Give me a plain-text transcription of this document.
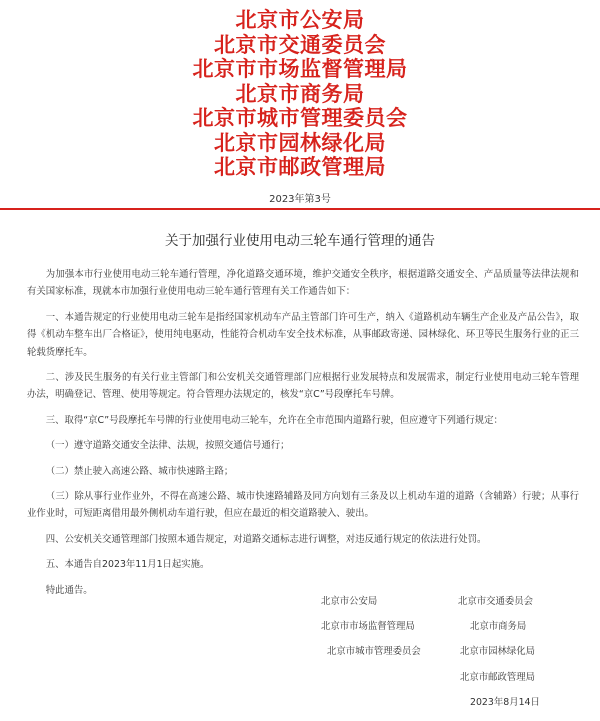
北京市公安局
北京市交通委员会
北京市市场监督管理局
北京市商务局
北京市城市管理委员会
北京市园林绿化局
北京市邮政管理局
2023年第3号
关于加强行业使用电动三轮车通行管理的通告

为加强本市行业使用电动三轮车通行管理，净化道路交通环境，维护交通安全秩序，根据道路交通安全、产品质量等法律法规和有关国家标准，现就本市加强行业使用电动三轮车通行管理有关工作通告如下：

一、本通告规定的行业使用电动三轮车是指经国家机动车产品主管部门许可生产，纳入《道路机动车辆生产企业及产品公告》，取得《机动车整车出厂合格证》，使用纯电驱动，性能符合机动车安全技术标准，从事邮政寄递、园林绿化、环卫等民生服务行业的正三轮载货摩托车。

二、涉及民生服务的有关行业主管部门和公安机关交通管理部门应根据行业发展特点和发展需求，制定行业使用电动三轮车管理办法，明确登记、管理、使用等规定。符合管理办法规定的，核发“京C”号段摩托车号牌。

三、取得“京C”号段摩托车号牌的行业使用电动三轮车，允许在全市范围内道路行驶，但应遵守下列通行规定：

（一）遵守道路交通安全法律、法规，按照交通信号通行；

（二）禁止驶入高速公路、城市快速路主路；

（三）除从事行业作业外，不得在高速公路、城市快速路辅路及同方向划有三条及以上机动车道的道路（含辅路）行驶；从事行业作业时，可短距离借用最外侧机动车道行驶，但应在最近的相交道路驶入、驶出。

四、公安机关交通管理部门按照本通告规定，对道路交通标志进行调整，对违反通行规定的依法进行处罚。

五、本通告自2023年11月1日起实施。

特此通告。

北京市公安局
北京市市场监督管理局
北京市城市管理委员会
北京市交通委员会
北京市商务局
北京市园林绿化局
北京市邮政管理局
2023年8月14日
